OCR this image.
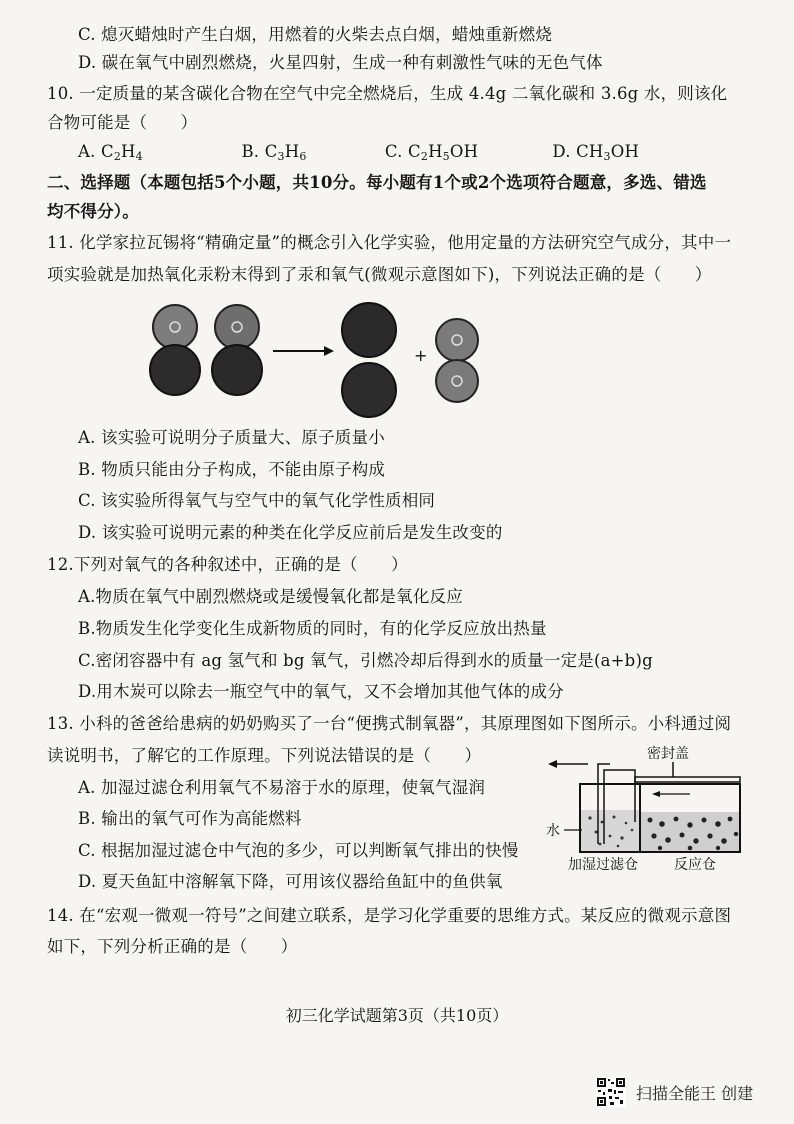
C. 熄灭蜡烛时产生白烟，用燃着的火柴去点白烟，蜡烛重新燃烧
D. 碳在氧气中剧烈燃烧，火星四射，生成一种有刺激性气味的无色气体
10. 一定质量的某含碳化合物在空气中完全燃烧后，生成 4.4g 二氧化碳和 3.6g 水，则该化
合物可能是（　　）
A. C2H4	B. C3H6	C. C2H5OH	D. CH3OH
二、选择题（本题包括5个小题，共10分。每小题有1个或2个选项符合题意，多选、错选
均不得分）。
11. 化学家拉瓦锡将“精确定量”的概念引入化学实验，他用定量的方法研究空气成分，其中一
项实验就是加热氧化汞粉末得到了汞和氧气(微观示意图如下)，下列说法正确的是（　　）
+
A. 该实验可说明分子质量大、原子质量小
B. 物质只能由分子构成，不能由原子构成
C. 该实验所得氧气与空气中的氧气化学性质相同
D. 该实验可说明元素的种类在化学反应前后是发生改变的
12.下列对氧气的各种叙述中，正确的是（　　）
A.物质在氧气中剧烈燃烧或是缓慢氧化都是氧化反应
B.物质发生化学变化生成新物质的同时，有的化学反应放出热量
C.密闭容器中有 ag 氢气和 bg 氧气，引燃冷却后得到水的质量一定是(a+b)g
D.用木炭可以除去一瓶空气中的氧气，又不会增加其他气体的成分
13. 小科的爸爸给患病的奶奶购买了一台“便携式制氧器”，其原理图如下图所示。小科通过阅
读说明书，了解它的工作原理。下列说法错误的是（　　）
A. 加湿过滤仓利用氧气不易溶于水的原理，使氧气湿润
B. 输出的氧气可作为高能燃料
C. 根据加湿过滤仓中气泡的多少，可以判断氧气排出的快慢
D. 夏天鱼缸中溶解氧下降，可用该仪器给鱼缸中的鱼供氧
密封盖
水
加湿过滤仓	反应仓
14. 在“宏观一微观一符号”之间建立联系，是学习化学重要的思维方式。某反应的微观示意图
如下，下列分析正确的是（　　）
初三化学试题第3页（共10页）
扫描全能王 创建
